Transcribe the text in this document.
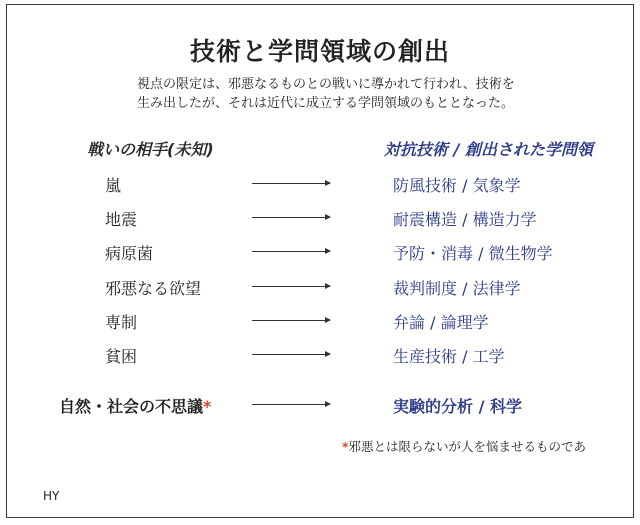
技術と学問領域の創出
視点の限定は、邪悪なるものとの戦いに導かれて行われ、技術を
生み出したが、それは近代に成立する学問領域のもととなった。
戦いの相手(未知)	対抗技術 / 創出された学問領
嵐	防風技術 / 気象学
地震	耐震構造 / 構造力学
病原菌	予防・消毒 / 微生物学
邪悪なる欲望	裁判制度 / 法律学
専制	弁論 / 論理学
貧困	生産技術 / 工学
自然・社会の不思議*	実験的分析 / 科学
*邪悪とは限らないが人を悩ませるものであ
HY
